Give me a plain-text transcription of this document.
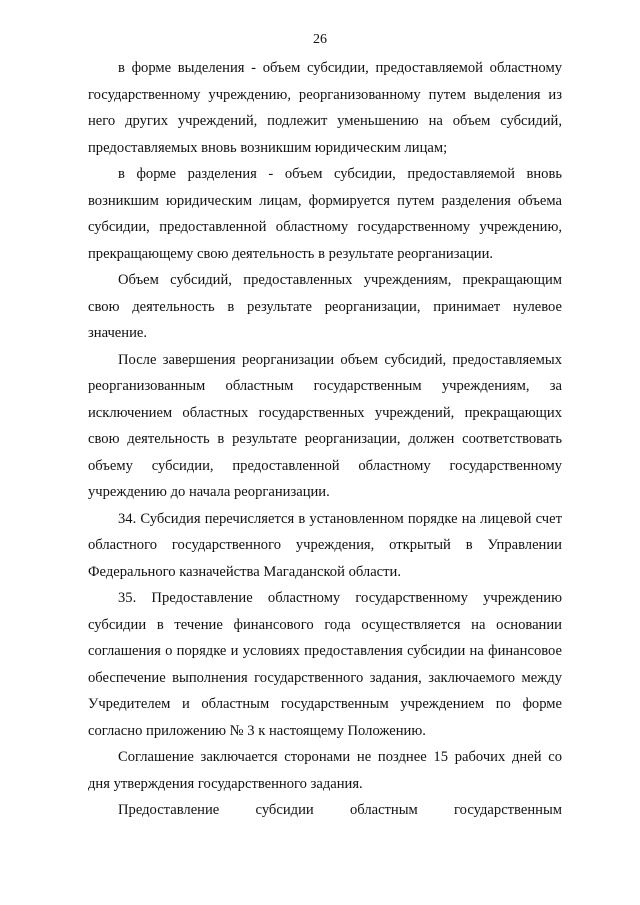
26

в форме выделения - объем субсидии, предоставляемой областному государственному учреждению, реорганизованному путем выделения из него других учреждений, подлежит уменьшению на объем субсидий, предоставляемых вновь возникшим юридическим лицам;

в форме разделения - объем субсидии, предоставляемой вновь возникшим юридическим лицам, формируется путем разделения объема субсидии, предоставленной областному государственному учреждению, прекращающему свою деятельность в результате реорганизации.

Объем субсидий, предоставленных учреждениям, прекращающим свою деятельность в результате реорганизации, принимает нулевое значение.

После завершения реорганизации объем субсидий, предоставляемых реорганизованным областным государственным учреждениям, за исключением областных государственных учреждений, прекращающих свою деятельность в результате реорганизации, должен соответствовать объему субсидии, предоставленной областному государственному учреждению до начала реорганизации.

34. Субсидия перечисляется в установленном порядке на лицевой счет областного государственного учреждения, открытый в Управлении Федерального казначейства Магаданской области.

35. Предоставление областному государственному учреждению субсидии в течение финансового года осуществляется на основании соглашения о порядке и условиях предоставления субсидии на финансовое обеспечение выполнения государственного задания, заключаемого между Учредителем и областным государственным учреждением по форме согласно приложению № 3 к настоящему Положению.

Соглашение заключается сторонами не позднее 15 рабочих дней со дня утверждения государственного задания.

Предоставление субсидии областным государственным
